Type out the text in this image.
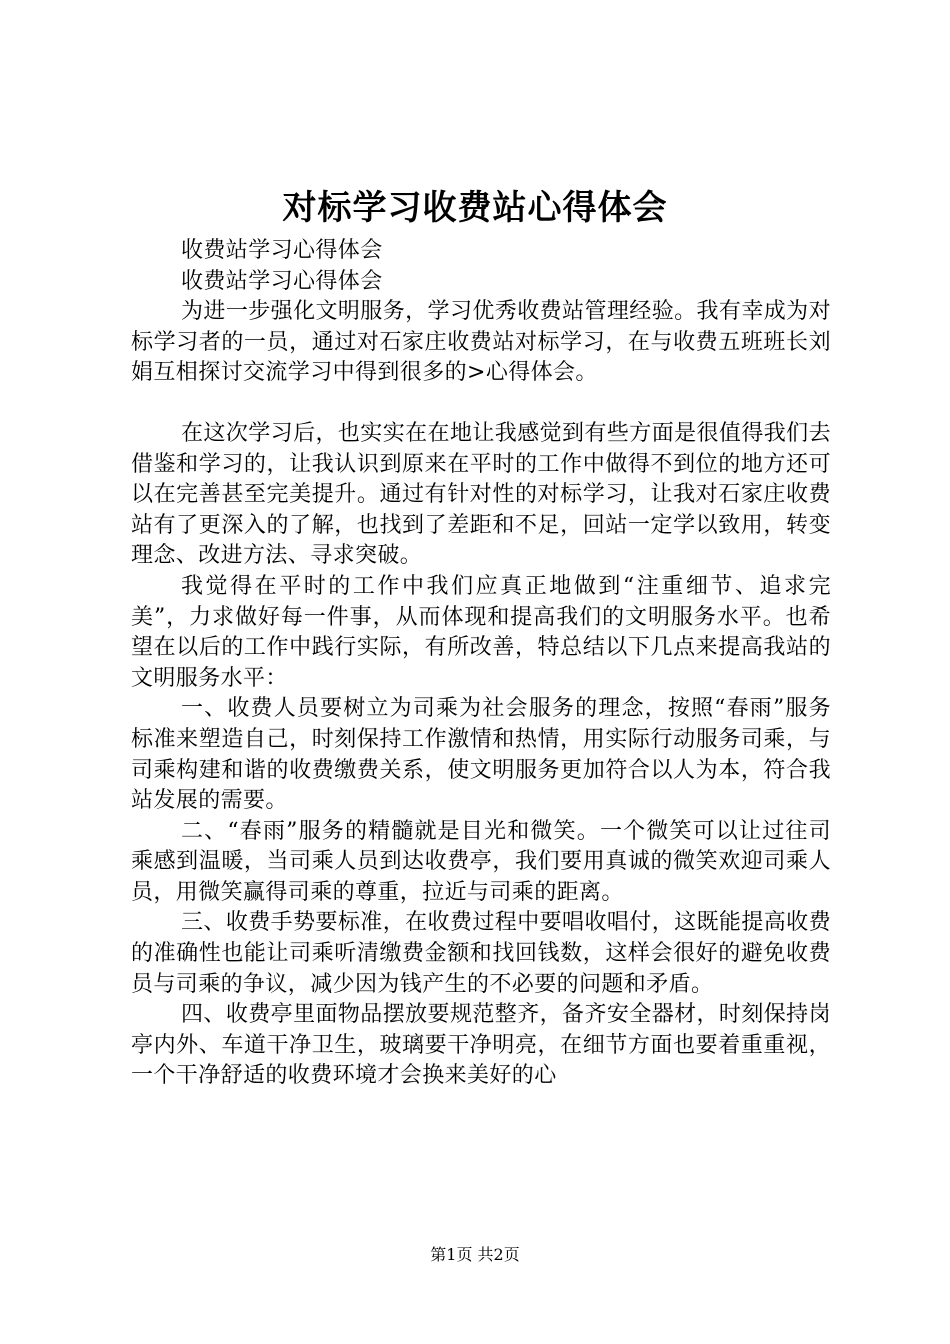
对标学习收费站心得体会

收费站学习心得体会

收费站学习心得体会

为进一步强化文明服务，学习优秀收费站管理经验。我有幸成为对标学习者的一员，通过对石家庄收费站对标学习，在与收费五班班长刘娟互相探讨交流学习中得到很多的>心得体会。

在这次学习后，也实实在在地让我感觉到有些方面是很值得我们去借鉴和学习的，让我认识到原来在平时的工作中做得不到位的地方还可以在完善甚至完美提升。通过有针对性的对标学习，让我对石家庄收费站有了更深入的了解，也找到了差距和不足，回站一定学以致用，转变理念、改进方法、寻求突破。

我觉得在平时的工作中我们应真正地做到“注重细节、追求完美”，力求做好每一件事，从而体现和提高我们的文明服务水平。也希望在以后的工作中践行实际，有所改善，特总结以下几点来提高我站的文明服务水平：

一、收费人员要树立为司乘为社会服务的理念，按照“春雨”服务标准来塑造自己，时刻保持工作激情和热情，用实际行动服务司乘，与司乘构建和谐的收费缴费关系，使文明服务更加符合以人为本，符合我站发展的需要。

二、“春雨”服务的精髓就是目光和微笑。一个微笑可以让过往司乘感到温暖，当司乘人员到达收费亭，我们要用真诚的微笑欢迎司乘人员，用微笑赢得司乘的尊重，拉近与司乘的距离。

三、收费手势要标准，在收费过程中要唱收唱付，这既能提高收费的准确性也能让司乘听清缴费金额和找回钱数，这样会很好的避免收费员与司乘的争议，减少因为钱产生的不必要的问题和矛盾。

四、收费亭里面物品摆放要规范整齐，备齐安全器材，时刻保持岗亭内外、车道干净卫生，玻璃要干净明亮，在细节方面也要着重重视，一个干净舒适的收费环境才会换来美好的心

第1页 共2页
